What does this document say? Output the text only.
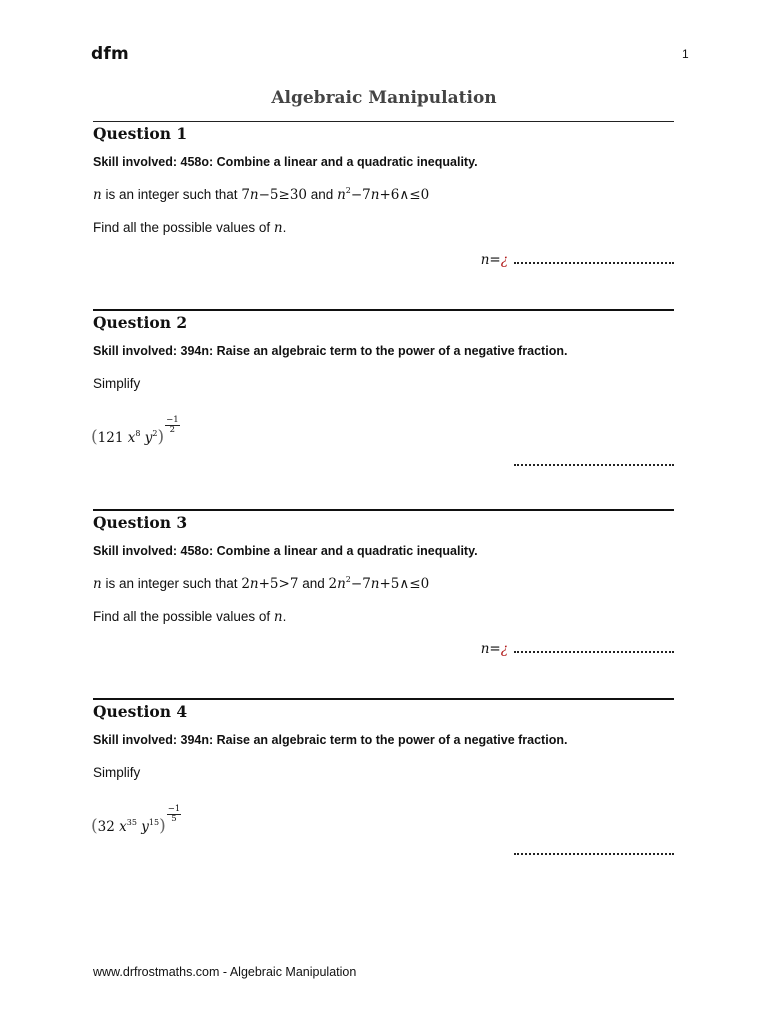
dfm	1
Algebraic Manipulation
Question 1
Skill involved: 458o: Combine a linear and a quadratic inequality.
n is an integer such that 7n−5≥30 and $n^2-7n+6\wedge\le 0$
Find all the possible values of n.
n=¿
Question 2
Skill involved: 394n: Raise an algebraic term to the power of a negative fraction.
Simplify
(121 $x^8$ $y^2$)
$\frac{-1}{2}$
Question 3
Skill involved: 458o: Combine a linear and a quadratic inequality.
n is an integer such that 2n+5>7 and $2n^2-7n+5\wedge\le 0$
Find all the possible values of n.
n=¿
Question 4
Skill involved: 394n: Raise an algebraic term to the power of a negative fraction.
Simplify
(32 $x^{35}$ $y^{15}$)
$\frac{-1}{5}$
www.drfrostmaths.com - Algebraic Manipulation
